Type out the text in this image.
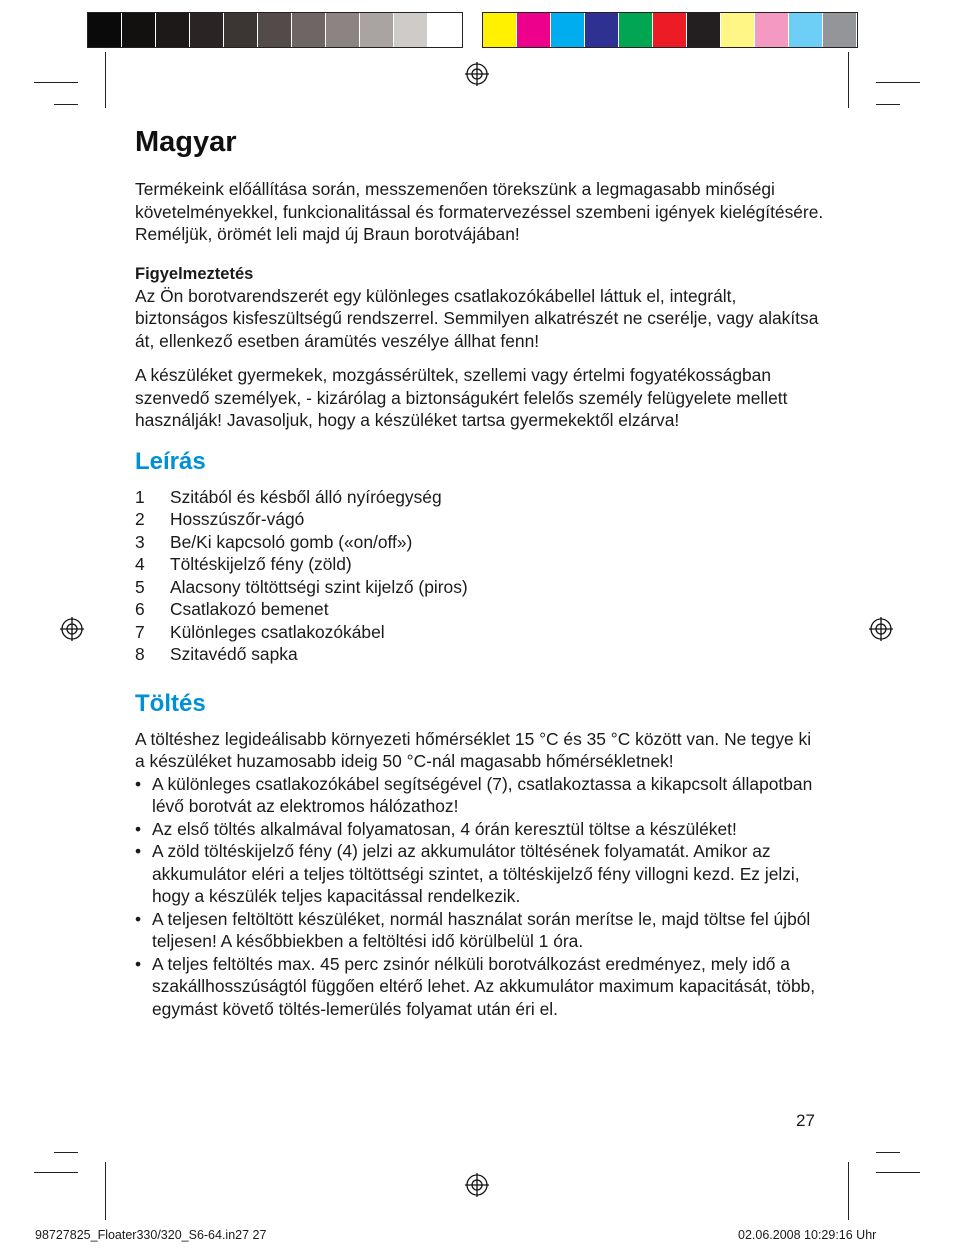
Magyar

Termékeink előállítása során, messzemenően törekszünk a legmagasabb minőségi követelményekkel, funkcionalitással és formatervezéssel szembeni igények kielégítésére. Reméljük, örömét leli majd új Braun borotvájában!

Figyelmeztetés

Az Ön borotvarendszerét egy különleges csatlakozókábellel láttuk el, integrált, biztonságos kisfeszültségű rendszerrel. Semmilyen alkatrészét ne cserélje, vagy alakítsa át, ellenkező esetben áramütés veszélye állhat fenn!

A készüléket gyermekek, mozgássérültek, szellemi vagy értelmi fogyatékosságban szenvedő személyek, - kizárólag a biztonságukért felelős személy felügyelete mellett használják! Javasoljuk, hogy a készüléket tartsa gyermekektől elzárva!

Leírás
1	Szitából és késből álló nyíróegység
2	Hosszúszőr-vágó
3	Be/Ki kapcsoló gomb («on/off»)
4	Töltéskijelző fény (zöld)
5	Alacsony töltöttségi szint kijelző (piros)
6	Csatlakozó bemenet
7	Különleges csatlakozókábel
8	Szitavédő sapka
Töltés

A töltéshez legideálisabb környezeti hőmérséklet 15 °C és 35 °C között van. Ne tegye ki a készüléket huzamosabb ideig 50 °C-nál magasabb hőmérsékletnek!

• A különleges csatlakozókábel segítségével (7), csatlakoztassa a kikapcsolt állapotban lévő borotvát az elektromos hálózathoz!
• Az első töltés alkalmával folyamatosan, 4 órán keresztül töltse a készüléket!
• A zöld töltéskijelző fény (4) jelzi az akkumulátor töltésének folyamatát. Amikor az akkumulátor eléri a teljes töltöttségi szintet, a töltéskijelző fény villogni kezd. Ez jelzi, hogy a készülék teljes kapacitással rendelkezik.
• A teljesen feltöltött készüléket, normál használat során merítse le, majd töltse fel újból teljesen! A későbbiekben a feltöltési idő körülbelül 1 óra.
• A teljes feltöltés max. 45 perc zsinór nélküli borotválkozást eredményez, mely idő a szakállhosszúságtól függően eltérő lehet. Az akkumulátor maximum kapacitását, több, egymást követő töltés-lemerülés folyamat után éri el.
27
98727825_Floater330/320_S6-64.in27 27	02.06.2008 10:29:16 Uhr
